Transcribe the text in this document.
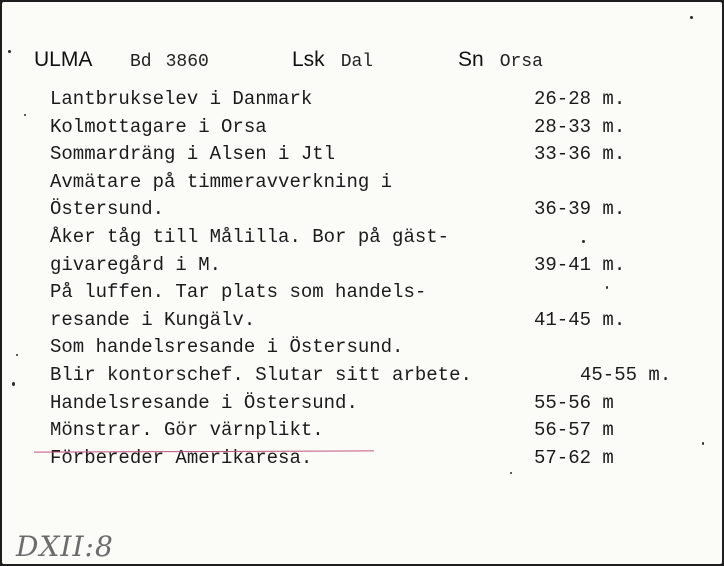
ULMA Bd 3860	Lsk Dal	Sn Orsa
Lantbrukselev i Danmark	26-28 m.
Kolmottagare i Orsa	28-33 m.
Sommardräng i Alsen i Jtl	33-36 m.
Avmätare på timmeravverkning i
Östersund.	36-39 m.
Åker tåg till Målilla. Bor på gäst-
givaregård i M.	39-41 m.
På luffen. Tar plats som handels-
resande i Kungälv.	41-45 m.
Som handelsresande i Östersund.
Blir kontorschef. Slutar sitt arbete.	45-55 m.
Handelsresande i Östersund.	55-56 m
Mönstrar. Gör värnplikt.	56-57 m
Förbereder Amerikaresa.	57-62 m
DXII:8
